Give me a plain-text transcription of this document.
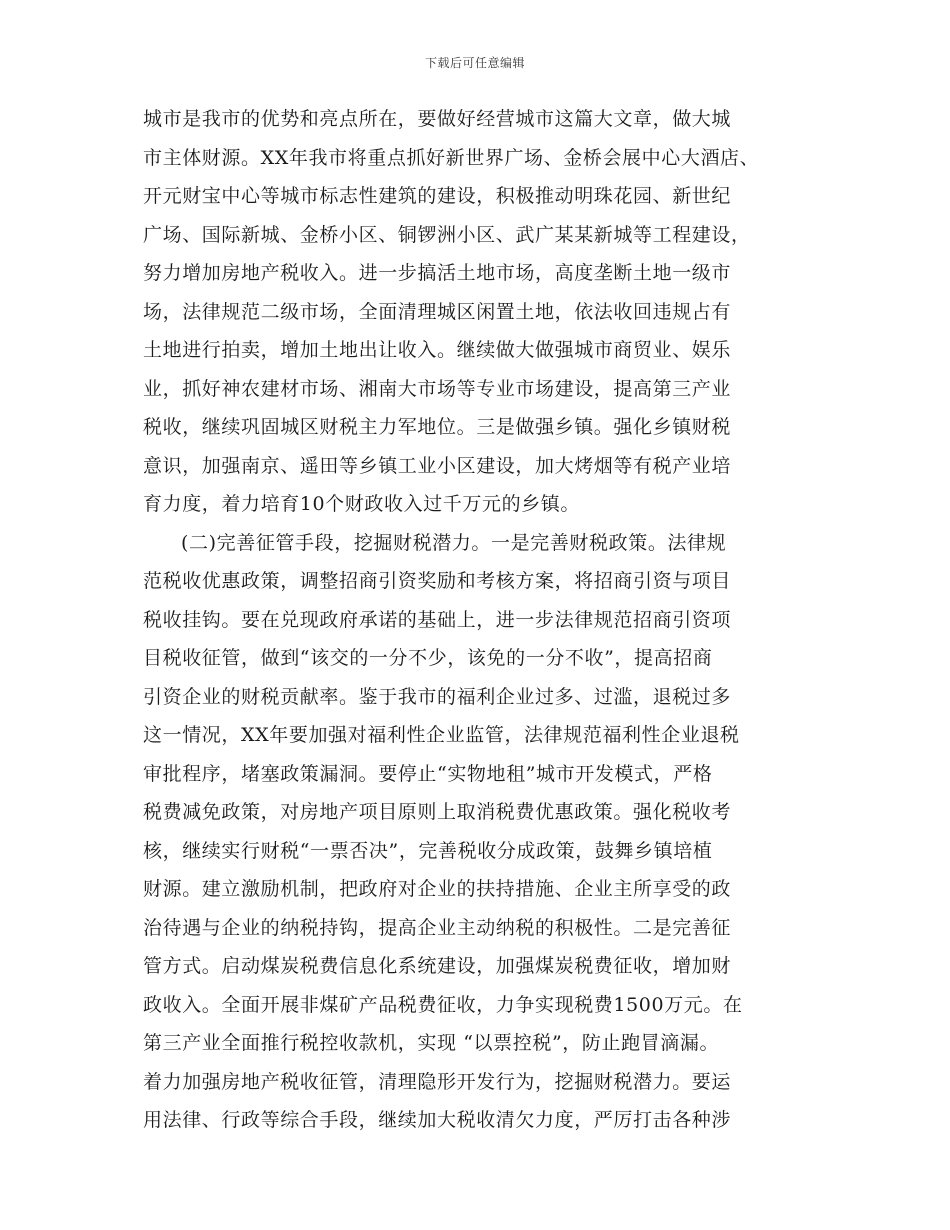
下载后可任意编辑
城市是我市的优势和亮点所在，要做好经营城市这篇大文章，做大城
市主体财源。XX年我市将重点抓好新世界广场、金桥会展中心大酒店、
开元财宝中心等城市标志性建筑的建设，积极推动明珠花园、新世纪
广场、国际新城、金桥小区、铜锣洲小区、武广某某新城等工程建设，
努力增加房地产税收入。进一步搞活土地市场，高度垄断土地一级市
场，法律规范二级市场，全面清理城区闲置土地，依法收回违规占有
土地进行拍卖，增加土地出让收入。继续做大做强城市商贸业、娱乐
业，抓好神农建材市场、湘南大市场等专业市场建设，提高第三产业
税收，继续巩固城区财税主力军地位。三是做强乡镇。强化乡镇财税
意识，加强南京、遥田等乡镇工业小区建设，加大烤烟等有税产业培
育力度，着力培育10个财政收入过千万元的乡镇。
(二)完善征管手段，挖掘财税潜力。一是完善财税政策。法律规
范税收优惠政策，调整招商引资奖励和考核方案，将招商引资与项目
税收挂钩。要在兑现政府承诺的基础上，进一步法律规范招商引资项
目税收征管，做到“该交的一分不少，该免的一分不收”，提高招商
引资企业的财税贡献率。鉴于我市的福利企业过多、过滥，退税过多
这一情况，XX年要加强对福利性企业监管，法律规范福利性企业退税
审批程序，堵塞政策漏洞。要停止“实物地租”城市开发模式，严格
税费减免政策，对房地产项目原则上取消税费优惠政策。强化税收考
核，继续实行财税“一票否决”，完善税收分成政策，鼓舞乡镇培植
财源。建立激励机制，把政府对企业的扶持措施、企业主所享受的政
治待遇与企业的纳税持钩，提高企业主动纳税的积极性。二是完善征
管方式。启动煤炭税费信息化系统建设，加强煤炭税费征收，增加财
政收入。全面开展非煤矿产品税费征收，力争实现税费1500万元。在
第三产业全面推行税控收款机，实现 “以票控税”，防止跑冒滴漏。
着力加强房地产税收征管，清理隐形开发行为，挖掘财税潜力。要运
用法律、行政等综合手段，继续加大税收清欠力度，严厉打击各种涉
